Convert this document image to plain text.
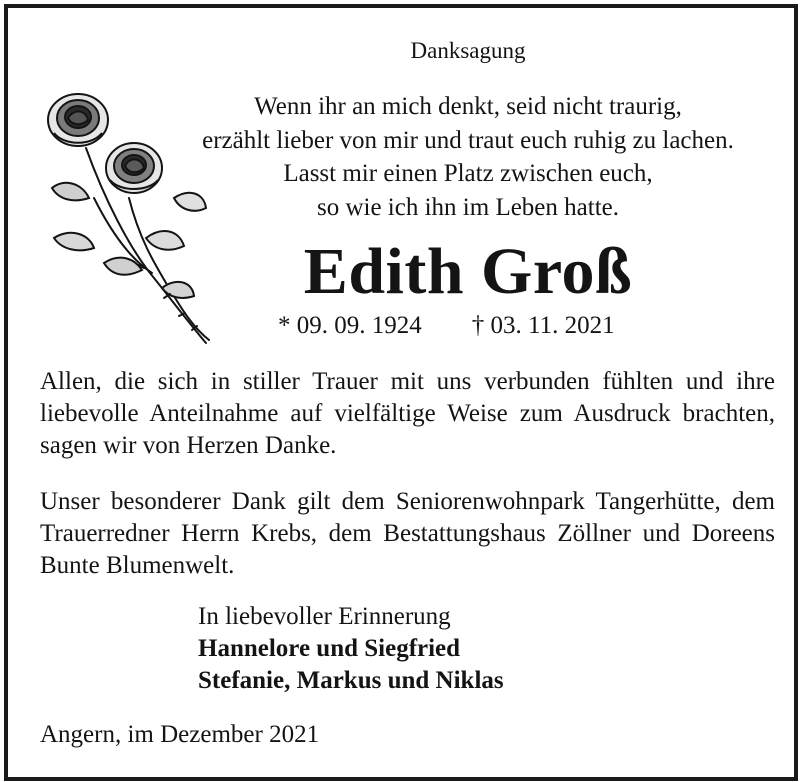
Danksagung
Wenn ihr an mich denkt, seid nicht traurig,
erzählt lieber von mir und traut euch ruhig zu lachen.
Lasst mir einen Platz zwischen euch,
so wie ich ihn im Leben hatte.
Edith Groß
* 09. 09. 1924 † 03. 11. 2021
Allen, die sich in stiller Trauer mit uns verbunden fühlten und ihre liebevolle Anteilnahme auf vielfältige Weise zum Ausdruck brachten, sagen wir von Herzen Danke.
Unser besonderer Dank gilt dem Seniorenwohnpark Tangerhütte, dem Trauerredner Herrn Krebs, dem Bestattungshaus Zöllner und Doreens Bunte Blumenwelt.
In liebevoller Erinnerung
Hannelore und Siegfried
Stefanie, Markus und Niklas
Angern, im Dezember 2021
